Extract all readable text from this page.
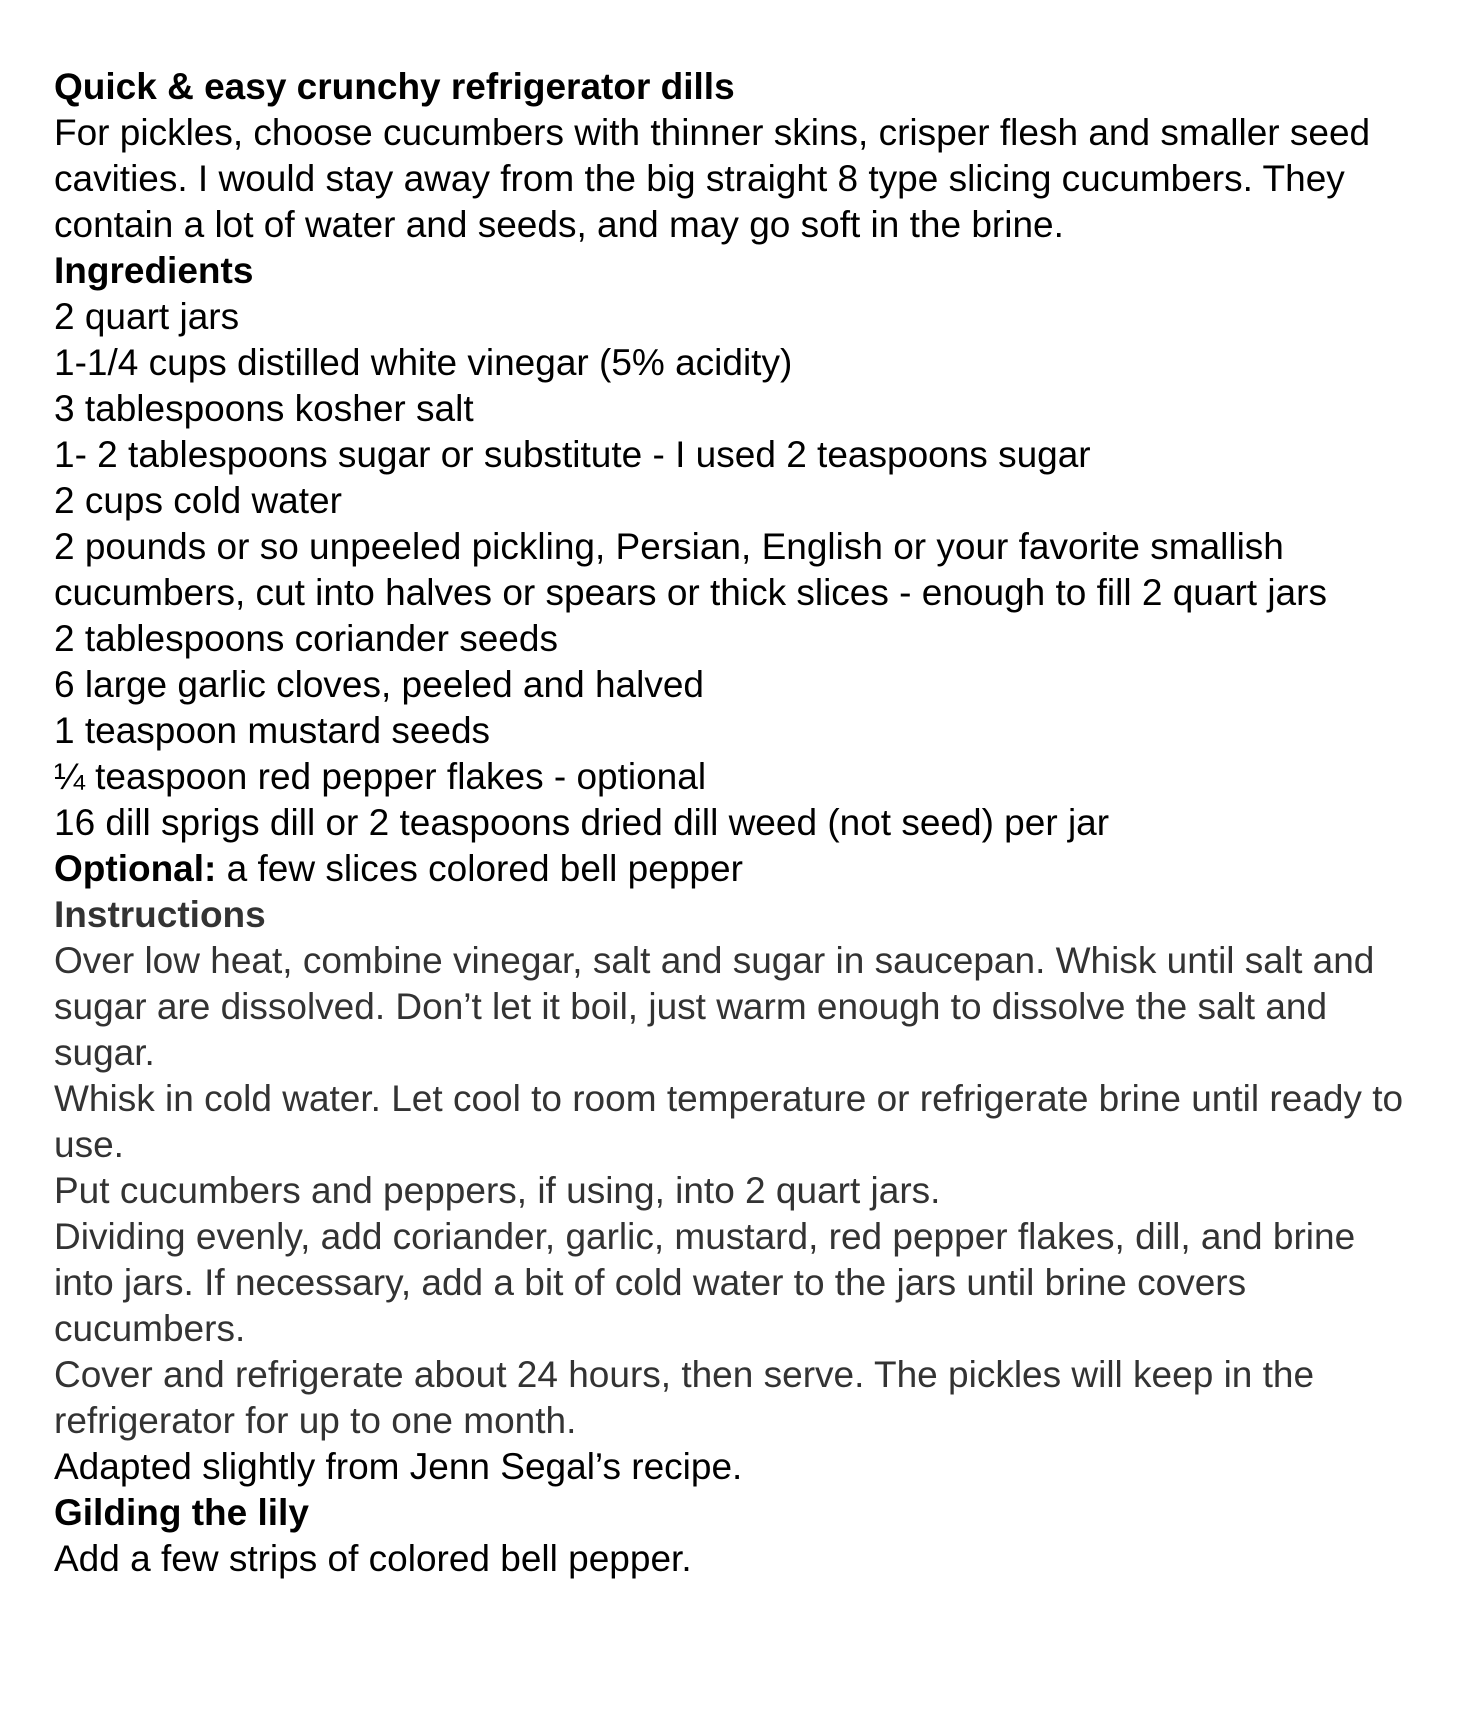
Quick & easy crunchy refrigerator dills

For pickles, choose cucumbers with thinner skins, crisper flesh and smaller seed cavities. I would stay away from the big straight 8 type slicing cucumbers. They contain a lot of water and seeds, and may go soft in the brine.

Ingredients

2 quart jars

1-1/4 cups distilled white vinegar (5% acidity)

3 tablespoons kosher salt

1- 2 tablespoons sugar or substitute - I used 2 teaspoons sugar

2 cups cold water

2 pounds or so unpeeled pickling, Persian, English or your favorite smallish cucumbers, cut into halves or spears or thick slices - enough to fill 2 quart jars

2 tablespoons coriander seeds

6 large garlic cloves, peeled and halved

1 teaspoon mustard seeds

¼ teaspoon red pepper flakes - optional

16 dill sprigs dill or 2 teaspoons dried dill weed (not seed) per jar

Optional: a few slices colored bell pepper

Instructions

Over low heat, combine vinegar, salt and sugar in saucepan. Whisk until salt and sugar are dissolved. Don’t let it boil, just warm enough to dissolve the salt and sugar.

Whisk in cold water. Let cool to room temperature or refrigerate brine until ready to use.

Put cucumbers and peppers, if using, into 2 quart jars.

Dividing evenly, add coriander, garlic, mustard, red pepper flakes, dill, and brine into jars. If necessary, add a bit of cold water to the jars until brine covers cucumbers.

Cover and refrigerate about 24 hours, then serve. The pickles will keep in the refrigerator for up to one month.

Adapted slightly from Jenn Segal’s recipe.

Gilding the lily

Add a few strips of colored bell pepper.
